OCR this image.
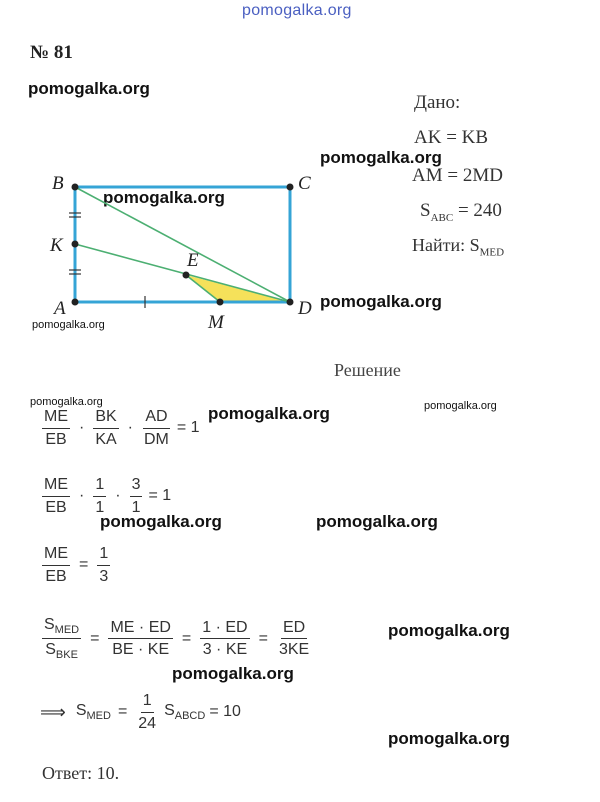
pomogalka.org
№ 81
pomogalka.org
pomogalka.org
pomogalka.org
pomogalka.org
pomogalka.org
pomogalka.org
pomogalka.org	pomogalka.org
pomogalka.org	pomogalka.org
pomogalka.org
pomogalka.org
pomogalka.org
Дано:
AK = KB
AM = 2MD
$S_{ABC} = 240$
Найти: $S_{MED}$
B	C
K
A	D
E
M
Решение
$\frac{ME}{EB} \cdot \frac{BK}{KA} \cdot \frac{AD}{DM} = 1$
$\frac{ME}{EB} \cdot \frac{1}{1} \cdot \frac{3}{1} = 1$
$\frac{ME}{EB} = \frac{1}{3}$
$\frac{S_{MED}}{S_{BKE}} = \frac{ME \cdot ED}{BE \cdot KE} = \frac{1 \cdot ED}{3 \cdot KE} = \frac{ED}{3KE}$
⟹ $S_{MED} = \frac{1}{24} S_{ABCD} = 10$
Ответ: 10.
